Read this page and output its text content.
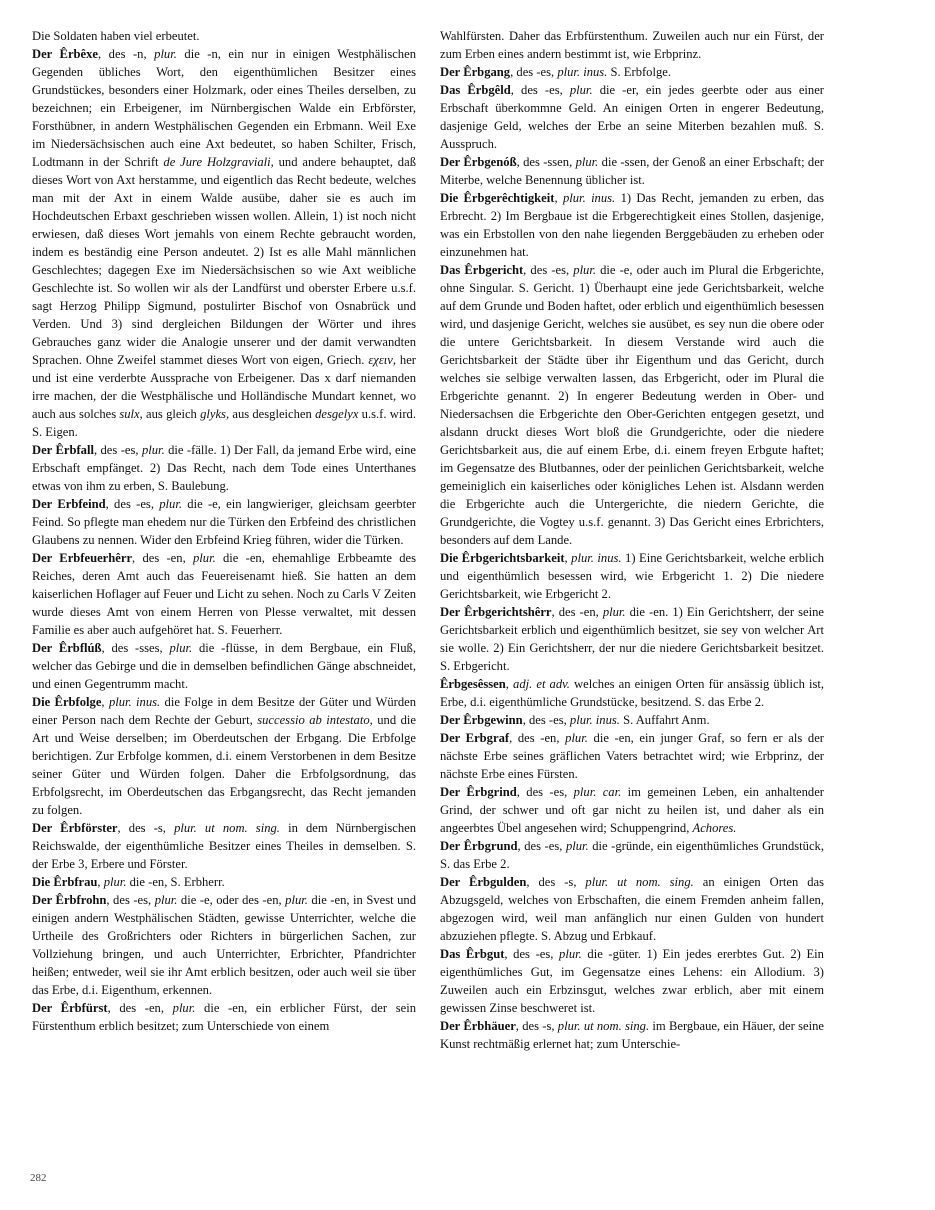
Die Soldaten haben viel erbeutet.

Der Êrbêxe, des -n, plur. die -n, ein nur in einigen Westphälischen Gegenden übliches Wort, den eigenthümlichen Besitzer eines Grundstückes, besonders einer Holzmark, oder eines Theiles derselben, zu bezeichnen; ein Erbeigener, im Nürnbergischen Walde ein Erbförster, Forsthübner, in andern Westphälischen Gegenden ein Erbmann. Weil Exe im Niedersächsischen auch eine Axt bedeutet, so haben Schilter, Frisch, Lodtmann in der Schrift de Jure Holzgraviali, und andere behauptet, daß dieses Wort von Axt herstamme, und eigentlich das Recht bedeute, welches man mit der Axt in einem Walde ausübe, daher sie es auch im Hochdeutschen Erbaxt geschrieben wissen wollen. Allein, 1) ist noch nicht erwiesen, daß dieses Wort jemahls von einem Rechte gebraucht worden, indem es beständig eine Person andeutet. 2) Ist es alle Mahl männlichen Geschlechtes; dagegen Exe im Niedersächsischen so wie Axt weibliche Geschlechte ist. So wollen wir als der Landfürst und oberster Erbere u.s.f. sagt Herzog Philipp Sigmund, postulirter Bischof von Osnabrück und Verden. Und 3) sind dergleichen Bildungen der Wörter und ihres Gebrauches ganz wider die Analogie unserer und der damit verwandten Sprachen. Ohne Zweifel stammet dieses Wort von eigen, Griech. εχειν, her und ist eine verderbte Aussprache von Erbeigener. Das x darf niemanden irre machen, der die Westphälische und Holländische Mundart kennet, wo auch aus solches sulx, aus gleich glyks, aus desgleichen desgelyx u.s.f. wird. S. Eigen.

Der Êrbfall, des -es, plur. die -fälle. 1) Der Fall, da jemand Erbe wird, eine Erbschaft empfänget. 2) Das Recht, nach dem Tode eines Unterthanes etwas von ihm zu erben, S. Baulebung.

Der Erbfeind, des -es, plur. die -e, ein langwieriger, gleichsam geerbter Feind. So pflegte man ehedem nur die Türken den Erbfeind des christlichen Glaubens zu nennen. Wider den Erbfeind Krieg führen, wider die Türken.

Der Erbfeuerhêrr, des -en, plur. die -en, ehemahlige Erbbeamte des Reiches, deren Amt auch das Feuereisenamt hieß. Sie hatten an dem kaiserlichen Hoflager auf Feuer und Licht zu sehen. Noch zu Carls V Zeiten wurde dieses Amt von einem Herren von Plesse verwaltet, mit dessen Familie es aber auch aufgehöret hat. S. Feuerherr.

Der Êrbflúß, des -sses, plur. die -flüsse, in dem Bergbaue, ein Fluß, welcher das Gebirge und die in demselben befindlichen Gänge abschneidet, und einen Gegentrumm macht.

Die Êrbfolge, plur. inus. die Folge in dem Besitze der Güter und Würden einer Person nach dem Rechte der Geburt, successio ab intestato, und die Art und Weise derselben; im Oberdeutschen der Erbgang. Die Erbfolge berichtigen. Zur Erbfolge kommen, d.i. einem Verstorbenen in dem Besitze seiner Güter und Würden folgen. Daher die Erbfolgsordnung, das Erbfolgsrecht, im Oberdeutschen das Erbgangsrecht, das Recht jemanden zu folgen.

Der Êrbförster, des -s, plur. ut nom. sing. in dem Nürnbergischen Reichswalde, der eigenthümliche Besitzer eines Theiles in demselben. S. der Erbe 3, Erbere und Förster.

Die Êrbfrau, plur. die -en, S. Erbherr.

Der Êrbfrohn, des -es, plur. die -e, oder des -en, plur. die -en, in Svest und einigen andern Westphälischen Städten, gewisse Unterrichter, welche die Urtheile des Großrichters oder Richters in bürgerlichen Sachen, zur Vollziehung bringen, und auch Unterrichter, Erbrichter, Pfandrichter heißen; entweder, weil sie ihr Amt erblich besitzen, oder auch weil sie über das Erbe, d.i. Eigenthum, erkennen.

Der Êrbfürst, des -en, plur. die -en, ein erblicher Fürst, der sein Fürstenthum erblich besitzet; zum Unterschiede von einem

Wahlfürsten. Daher das Erbfürstenthum. Zuweilen auch nur ein Fürst, der zum Erben eines andern bestimmt ist, wie Erbprinz.

Der Êrbgang, des -es, plur. inus. S. Erbfolge.

Das Êrbgêld, des -es, plur. die -er, ein jedes geerbte oder aus einer Erbschaft überkommne Geld. An einigen Orten in engerer Bedeutung, dasjenige Geld, welches der Erbe an seine Miterben bezahlen muß. S. Ausspruch.

Der Êrbgenóß, des -ssen, plur. die -ssen, der Genoß an einer Erbschaft; der Miterbe, welche Benennung üblicher ist.

Die Êrbgerêchtigkeit, plur. inus. 1) Das Recht, jemanden zu erben, das Erbrecht. 2) Im Bergbaue ist die Erbgerechtigkeit eines Stollen, dasjenige, was ein Erbstollen von den nahe liegenden Berggebäuden zu erheben oder einzunehmen hat.

Das Êrbgericht, des -es, plur. die -e, oder auch im Plural die Erbgerichte, ohne Singular. S. Gericht. 1) Überhaupt eine jede Gerichtsbarkeit, welche auf dem Grunde und Boden haftet, oder erblich und eigenthümlich besessen wird, und dasjenige Gericht, welches sie ausübet, es sey nun die obere oder die untere Gerichtsbarkeit. In diesem Verstande wird auch die Gerichtsbarkeit der Städte über ihr Eigenthum und das Gericht, durch welches sie selbige verwalten lassen, das Erbgericht, oder im Plural die Erbgerichte genannt. 2) In engerer Bedeutung werden in Ober- und Niedersachsen die Erbgerichte den Ober-Gerichten entgegen gesetzt, und alsdann druckt dieses Wort bloß die Grundgerichte, oder die niedere Gerichtsbarkeit aus, die auf einem Erbe, d.i. einem freyen Erbgute haftet; im Gegensatze des Blutbannes, oder der peinlichen Gerichtsbarkeit, welche gemeiniglich ein kaiserliches oder königliches Lehen ist. Alsdann werden die Erbgerichte auch die Untergerichte, die niedern Gerichte, die Grundgerichte, die Vogtey u.s.f. genannt. 3) Das Gericht eines Erbrichters, besonders auf dem Lande.

Die Êrbgerichtsbarkeit, plur. inus. 1) Eine Gerichtsbarkeit, welche erblich und eigenthümlich besessen wird, wie Erbgericht 1. 2) Die niedere Gerichtsbarkeit, wie Erbgericht 2.

Der Êrbgerichtshêrr, des -en, plur. die -en. 1) Ein Gerichtsherr, der seine Gerichtsbarkeit erblich und eigenthümlich besitzet, sie sey von welcher Art sie wolle. 2) Ein Gerichtsherr, der nur die niedere Gerichtsbarkeit besitzet. S. Erbgericht.

Êrbgesêssen, adj. et adv. welches an einigen Orten für ansässig üblich ist, Erbe, d.i. eigenthümliche Grundstücke, besitzend. S. das Erbe 2.

Der Êrbgewinn, des -es, plur. inus. S. Auffahrt Anm.

Der Erbgraf, des -en, plur. die -en, ein junger Graf, so fern er als der nächste Erbe seines gräflichen Vaters betrachtet wird; wie Erbprinz, der nächste Erbe eines Fürsten.

Der Êrbgrind, des -es, plur. car. im gemeinen Leben, ein anhaltender Grind, der schwer und oft gar nicht zu heilen ist, und daher als ein angeerbtes Übel angesehen wird; Schuppengrind, Achores.

Der Êrbgrund, des -es, plur. die -gründe, ein eigenthümliches Grundstück, S. das Erbe 2.

Der Êrbgulden, des -s, plur. ut nom. sing. an einigen Orten das Abzugsgeld, welches von Erbschaften, die einem Fremden anheim fallen, abgezogen wird, weil man anfänglich nur einen Gulden von hundert abzuziehen pflegte. S. Abzug und Erbkauf.

Das Êrbgut, des -es, plur. die -güter. 1) Ein jedes ererbtes Gut. 2) Ein eigenthümliches Gut, im Gegensatze eines Lehens: ein Allodium. 3) Zuweilen auch ein Erbzinsgut, welches zwar erblich, aber mit einem gewissen Zinse beschweret ist.

Der Êrbhäuer, des -s, plur. ut nom. sing. im Bergbaue, ein Häuer, der seine Kunst rechtmäßig erlernet hat; zum Unterschie-

282
